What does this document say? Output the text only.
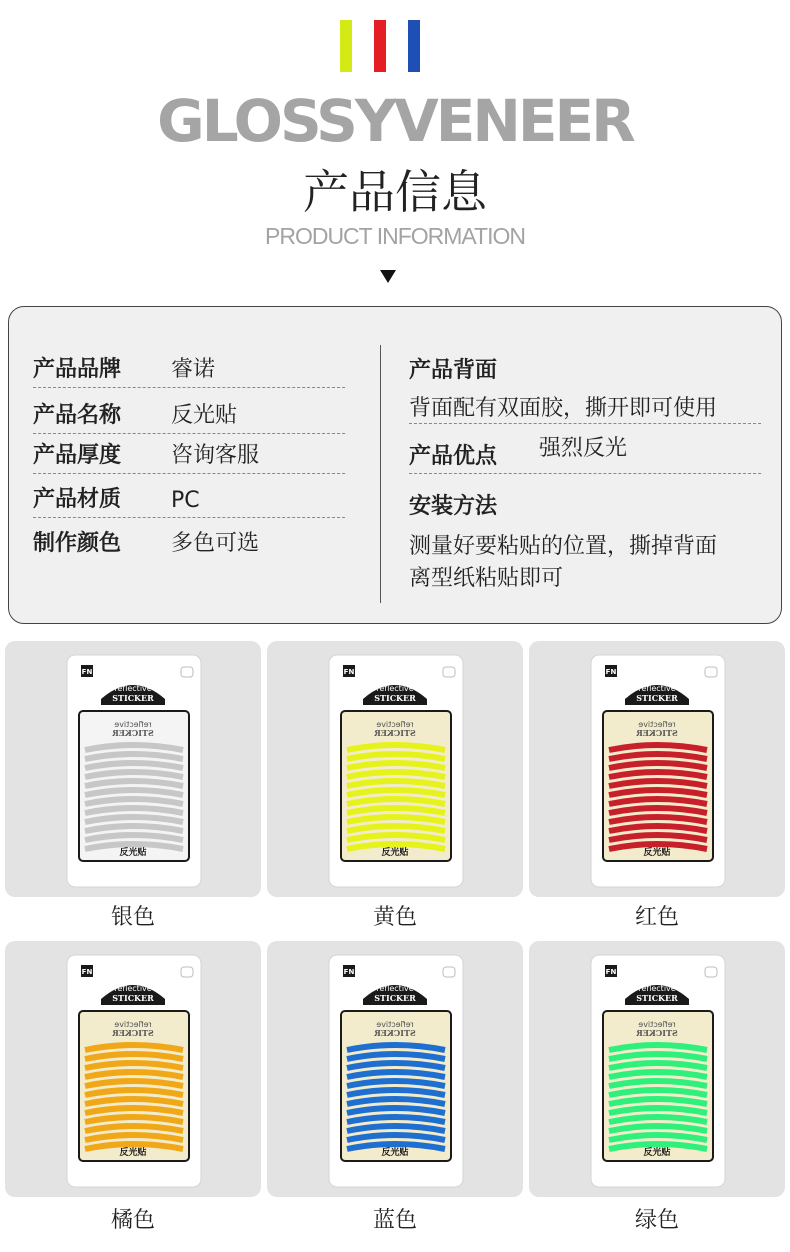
GLOSSYVENEER
产品信息
PRODUCT INFORMATION
产品品牌 睿诺
产品名称 反光贴
产品厚度 咨询客服
产品材质 PC
制作颜色 多色可选
产品背面
背面配有双面胶，撕开即可使用
产品优点 强烈反光
安装方法
测量好要粘贴的位置，撕掉背面
离型纸粘贴即可
FN
reflective
STICKER
reflective
STICKER
反光贴
银色
FN
reflective
STICKER
reflective
STICKER
反光贴
黄色
FN
reflective
STICKER
reflective
STICKER
反光贴
红色
FN
reflective
STICKER
reflective
STICKER
反光贴
橘色
FN
reflective
STICKER
reflective
STICKER
反光贴
蓝色
FN
reflective
STICKER
reflective
STICKER
反光贴
绿色
